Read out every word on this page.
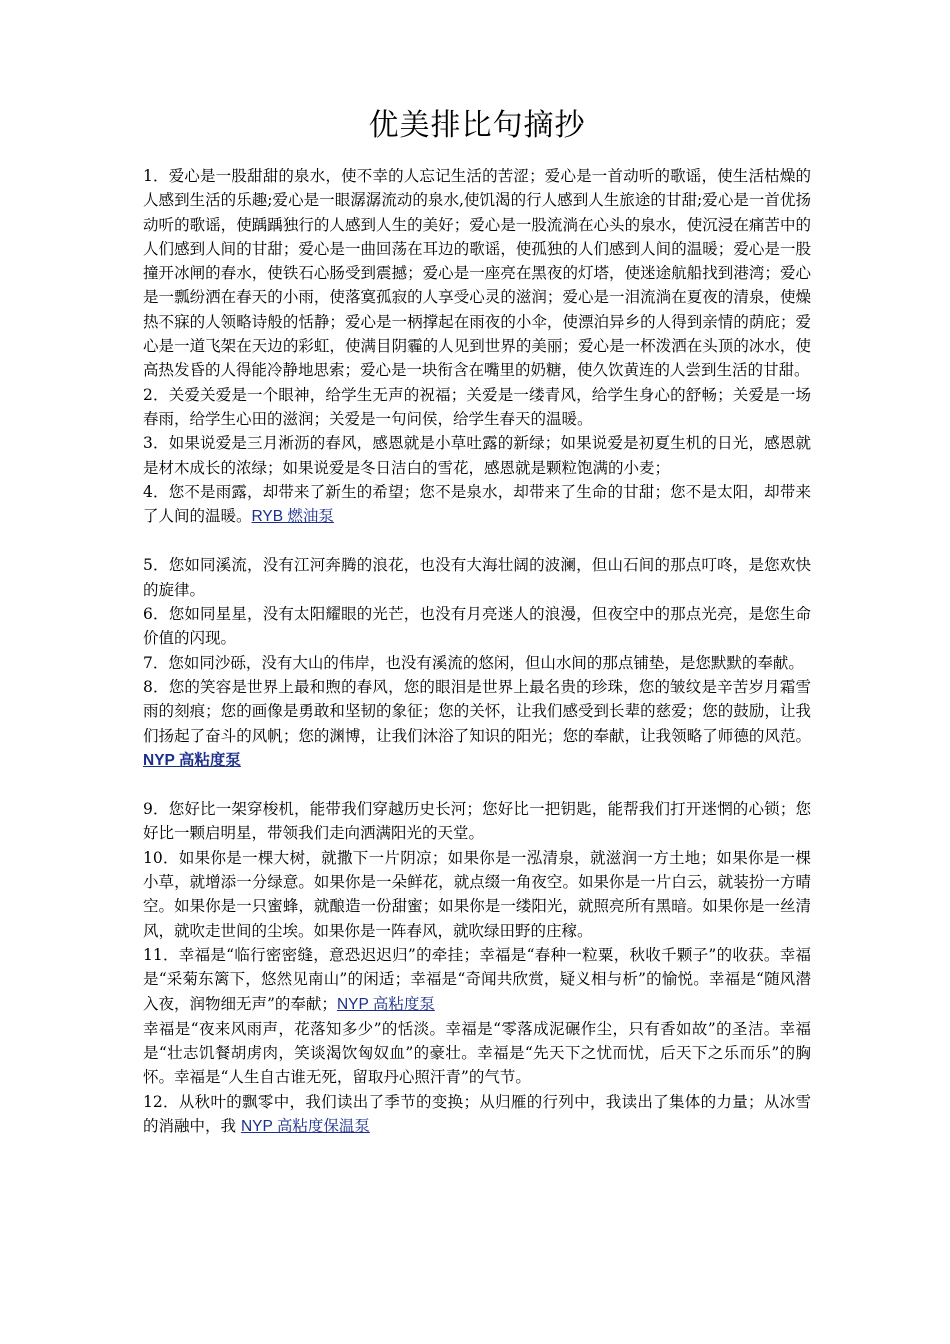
优美排比句摘抄

1．爱心是一股甜甜的泉水，使不幸的人忘记生活的苦涩；爱心是一首动听的歌谣，使生活枯燥的人感到生活的乐趣;爱心是一眼潺潺流动的泉水,使饥渴的行人感到人生旅途的甘甜;爱心是一首优扬动听的歌谣，使踽踽独行的人感到人生的美好；爱心是一股流淌在心头的泉水，使沉浸在痛苦中的人们感到人间的甘甜；爱心是一曲回荡在耳边的歌谣，使孤独的人们感到人间的温暖；爱心是一股撞开冰闸的春水，使铁石心肠受到震撼；爱心是一座亮在黑夜的灯塔，使迷途航船找到港湾；爱心是一瓢纷洒在春天的小雨，使落寞孤寂的人享受心灵的滋润；爱心是一泪流淌在夏夜的清泉，使燥热不寐的人领略诗般的恬静；爱心是一柄撑起在雨夜的小伞，使漂泊异乡的人得到亲情的荫庇；爱心是一道飞架在天边的彩虹，使满目阴霾的人见到世界的美丽；爱心是一杯泼洒在头顶的冰水，使高热发昏的人得能冷静地思索；爱心是一块衔含在嘴里的奶糖，使久饮黄连的人尝到生活的甘甜。

2．关爱关爱是一个眼神，给学生无声的祝福；关爱是一缕青风，给学生身心的舒畅；关爱是一场春雨，给学生心田的滋润；关爱是一句问侯，给学生春天的温暖。

3．如果说爱是三月淅沥的春风，感恩就是小草吐露的新绿；如果说爱是初夏生机的日光，感恩就是材木成长的浓绿；如果说爱是冬日洁白的雪花，感恩就是颗粒饱满的小麦；

4．您不是雨露，却带来了新生的希望；您不是泉水，却带来了生命的甘甜；您不是太阳，却带来了人间的温暖。RYB 燃油泵

5．您如同溪流，没有江河奔腾的浪花，也没有大海壮阔的波澜，但山石间的那点叮咚，是您欢快的旋律。

6．您如同星星，没有太阳耀眼的光芒，也没有月亮迷人的浪漫，但夜空中的那点光亮，是您生命价值的闪现。

7．您如同沙砾，没有大山的伟岸，也没有溪流的悠闲，但山水间的那点铺垫，是您默默的奉献。

8．您的笑容是世界上最和煦的春风，您的眼泪是世界上最名贵的珍珠，您的皱纹是辛苦岁月霜雪雨的刻痕；您的画像是勇敢和坚韧的象征；您的关怀，让我们感受到长辈的慈爱；您的鼓励，让我们扬起了奋斗的风帆；您的渊博，让我们沐浴了知识的阳光；您的奉献，让我领略了师德的风范。NYP 高粘度泵

9．您好比一架穿梭机，能带我们穿越历史长河；您好比一把钥匙，能帮我们打开迷惘的心锁；您好比一颗启明星，带领我们走向洒满阳光的天堂。

10．如果你是一棵大树，就撒下一片阴凉；如果你是一泓清泉，就滋润一方土地；如果你是一棵小草，就增添一分绿意。如果你是一朵鲜花，就点缀一角夜空。如果你是一片白云，就装扮一方晴空。如果你是一只蜜蜂，就酿造一份甜蜜；如果你是一缕阳光，就照亮所有黑暗。如果你是一丝清风，就吹走世间的尘埃。如果你是一阵春风，就吹绿田野的庄稼。

11．幸福是“临行密密缝，意恐迟迟归”的牵挂；幸福是“春种一粒粟，秋收千颗子”的收获。幸福是“采菊东篱下，悠然见南山”的闲适；幸福是“奇闻共欣赏，疑义相与析”的愉悦。幸福是“随风潜入夜，润物细无声”的奉献；NYP 高粘度泵

幸福是“夜来风雨声，花落知多少”的恬淡。幸福是“零落成泥碾作尘，只有香如故”的圣洁。幸福是“壮志饥餐胡虏肉，笑谈渴饮匈奴血”的豪壮。幸福是“先天下之忧而忧，后天下之乐而乐”的胸怀。幸福是“人生自古谁无死，留取丹心照汗青”的气节。

12．从秋叶的飘零中，我们读出了季节的变换；从归雁的行列中，我读出了集体的力量；从冰雪的消融中，我 NYP 高粘度保温泵
